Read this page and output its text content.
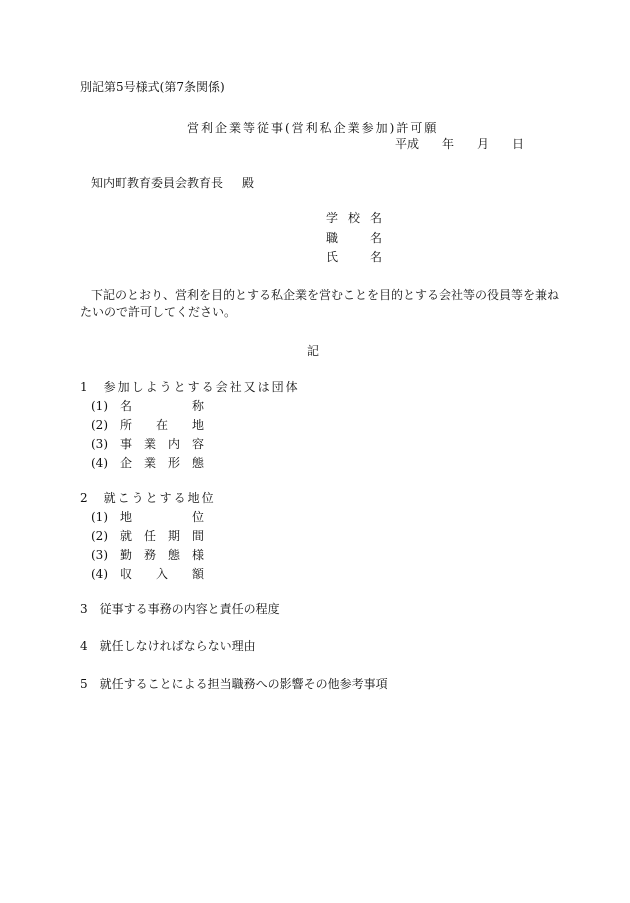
別記第5号様式(第7条関係)
営利企業等従事(営利私企業参加)許可願
平成 年 月 日
知内町教育委員会教育長 殿
学 校 名
職	名
氏	名
下記のとおり、営利を目的とする私企業を営むことを目的とする会社等の役員等を兼ね
たいので許可してください。
記
1　参加しようとする会社又は団体
(1) 名	称
(2) 所 在 地
(3) 事 業 内 容
(4) 企 業 形 態
2　就こうとする地位
(1) 地	位
(2) 就 任 期 間
(3) 勤 務 態 様
(4) 収 入 額
3　従事する事務の内容と責任の程度
4　就任しなければならない理由
5　就任することによる担当職務への影響その他参考事項
